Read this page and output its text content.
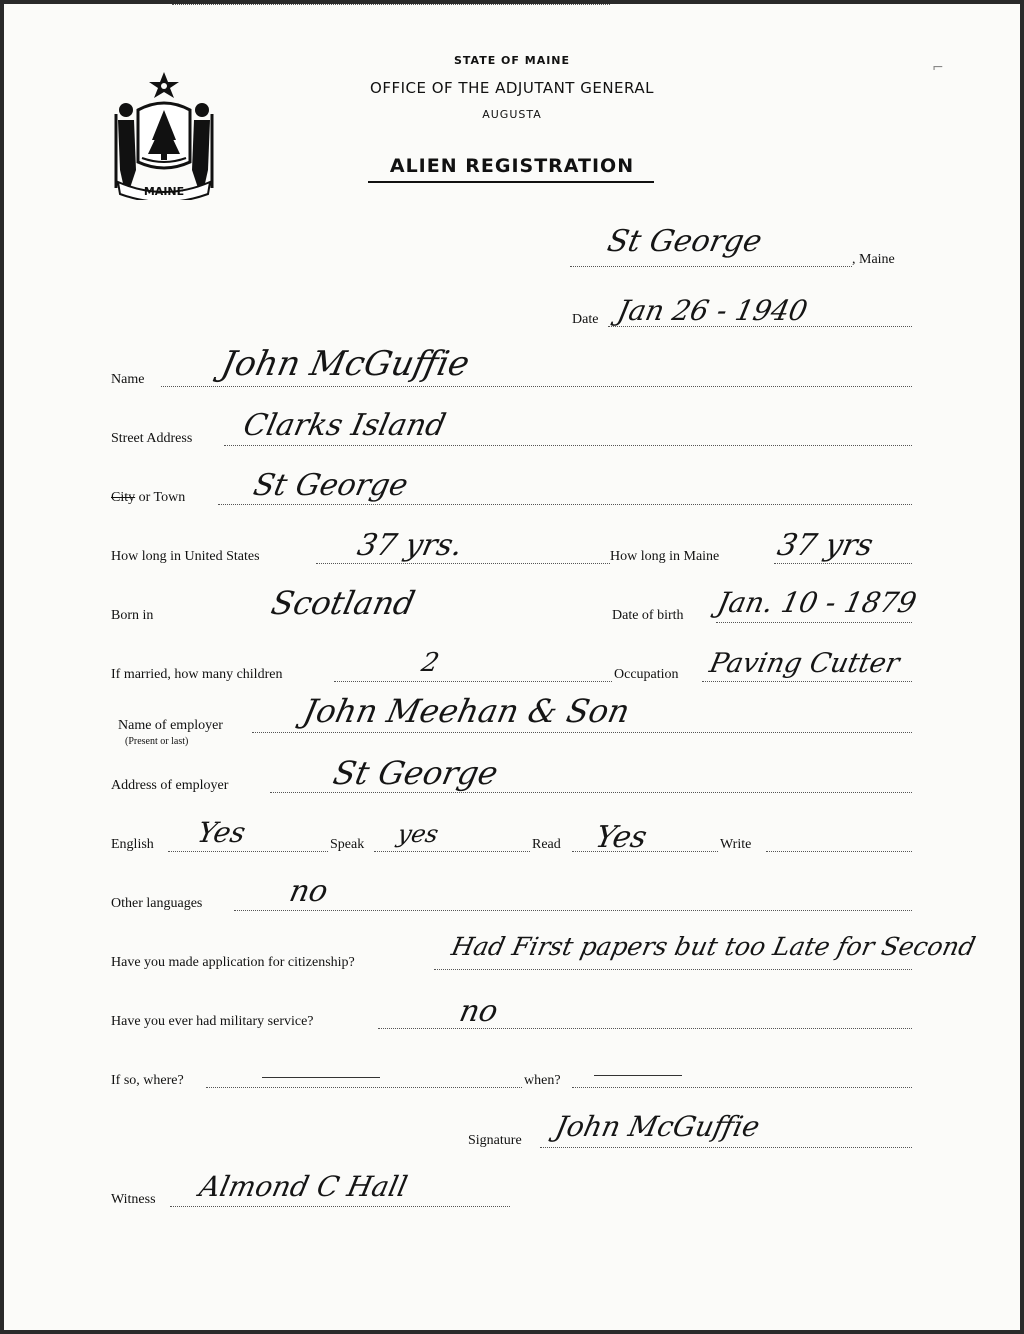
STATE OF MAINE
OFFICE OF THE ADJUTANT GENERAL
AUGUSTA
ALIEN REGISTRATION
MAINE
St George
, Maine
Date Jan 26 - 1940
Name John McGuffie
Street Address Clarks Island
City or Town St George
How long in United States	37 yrs.	How long in Maine 37 yrs
Born in	Scotland	Date of birth Jan. 10 - 1879
If married, how many children	2	Occupation Paving Cutter
Name of employer
(Present or last)
John Meehan & Son
Address of employer	St George
English Yes	Speak yes	Read Yes	Write
Other languages	no
Have you made application for citizenship?
Had First papers but too Late for Second
Have you ever had military service?	no
If so, where?	when?
Signature John McGuffie
Witness Almond C Hall
⌐
